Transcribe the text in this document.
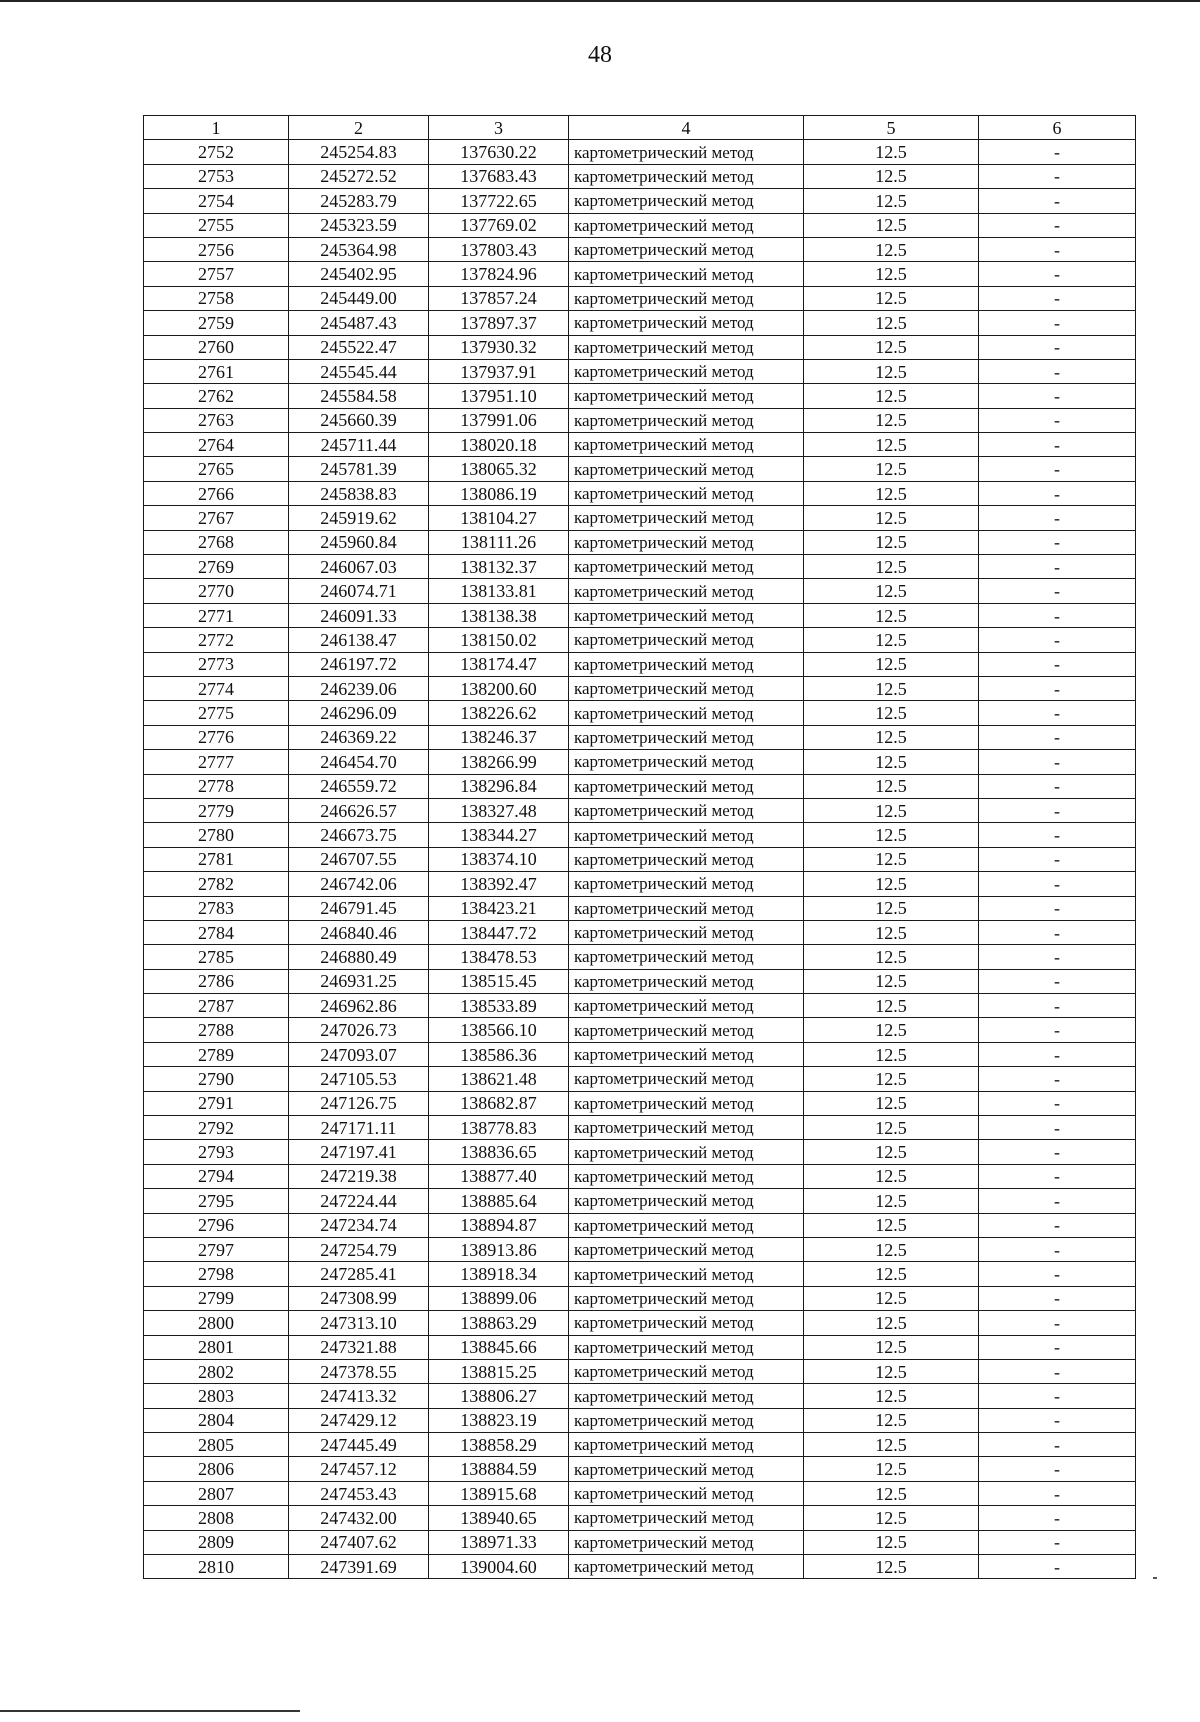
48
1	2	3	4	5	6
2752	245254.83	137630.22	картометрический метод	12.5	-
2753	245272.52	137683.43	картометрический метод	12.5	-
2754	245283.79	137722.65	картометрический метод	12.5	-
2755	245323.59	137769.02	картометрический метод	12.5	-
2756	245364.98	137803.43	картометрический метод	12.5	-
2757	245402.95	137824.96	картометрический метод	12.5	-
2758	245449.00	137857.24	картометрический метод	12.5	-
2759	245487.43	137897.37	картометрический метод	12.5	-
2760	245522.47	137930.32	картометрический метод	12.5	-
2761	245545.44	137937.91	картометрический метод	12.5	-
2762	245584.58	137951.10	картометрический метод	12.5	-
2763	245660.39	137991.06	картометрический метод	12.5	-
2764	245711.44	138020.18	картометрический метод	12.5	-
2765	245781.39	138065.32	картометрический метод	12.5	-
2766	245838.83	138086.19	картометрический метод	12.5	-
2767	245919.62	138104.27	картометрический метод	12.5	-
2768	245960.84	138111.26	картометрический метод	12.5	-
2769	246067.03	138132.37	картометрический метод	12.5	-
2770	246074.71	138133.81	картометрический метод	12.5	-
2771	246091.33	138138.38	картометрический метод	12.5	-
2772	246138.47	138150.02	картометрический метод	12.5	-
2773	246197.72	138174.47	картометрический метод	12.5	-
2774	246239.06	138200.60	картометрический метод	12.5	-
2775	246296.09	138226.62	картометрический метод	12.5	-
2776	246369.22	138246.37	картометрический метод	12.5	-
2777	246454.70	138266.99	картометрический метод	12.5	-
2778	246559.72	138296.84	картометрический метод	12.5	-
2779	246626.57	138327.48	картометрический метод	12.5	-
2780	246673.75	138344.27	картометрический метод	12.5	-
2781	246707.55	138374.10	картометрический метод	12.5	-
2782	246742.06	138392.47	картометрический метод	12.5	-
2783	246791.45	138423.21	картометрический метод	12.5	-
2784	246840.46	138447.72	картометрический метод	12.5	-
2785	246880.49	138478.53	картометрический метод	12.5	-
2786	246931.25	138515.45	картометрический метод	12.5	-
2787	246962.86	138533.89	картометрический метод	12.5	-
2788	247026.73	138566.10	картометрический метод	12.5	-
2789	247093.07	138586.36	картометрический метод	12.5	-
2790	247105.53	138621.48	картометрический метод	12.5	-
2791	247126.75	138682.87	картометрический метод	12.5	-
2792	247171.11	138778.83	картометрический метод	12.5	-
2793	247197.41	138836.65	картометрический метод	12.5	-
2794	247219.38	138877.40	картометрический метод	12.5	-
2795	247224.44	138885.64	картометрический метод	12.5	-
2796	247234.74	138894.87	картометрический метод	12.5	-
2797	247254.79	138913.86	картометрический метод	12.5	-
2798	247285.41	138918.34	картометрический метод	12.5	-
2799	247308.99	138899.06	картометрический метод	12.5	-
2800	247313.10	138863.29	картометрический метод	12.5	-
2801	247321.88	138845.66	картометрический метод	12.5	-
2802	247378.55	138815.25	картометрический метод	12.5	-
2803	247413.32	138806.27	картометрический метод	12.5	-
2804	247429.12	138823.19	картометрический метод	12.5	-
2805	247445.49	138858.29	картометрический метод	12.5	-
2806	247457.12	138884.59	картометрический метод	12.5	-
2807	247453.43	138915.68	картометрический метод	12.5	-
2808	247432.00	138940.65	картометрический метод	12.5	-
2809	247407.62	138971.33	картометрический метод	12.5	-
2810	247391.69	139004.60	картометрический метод	12.5	-
